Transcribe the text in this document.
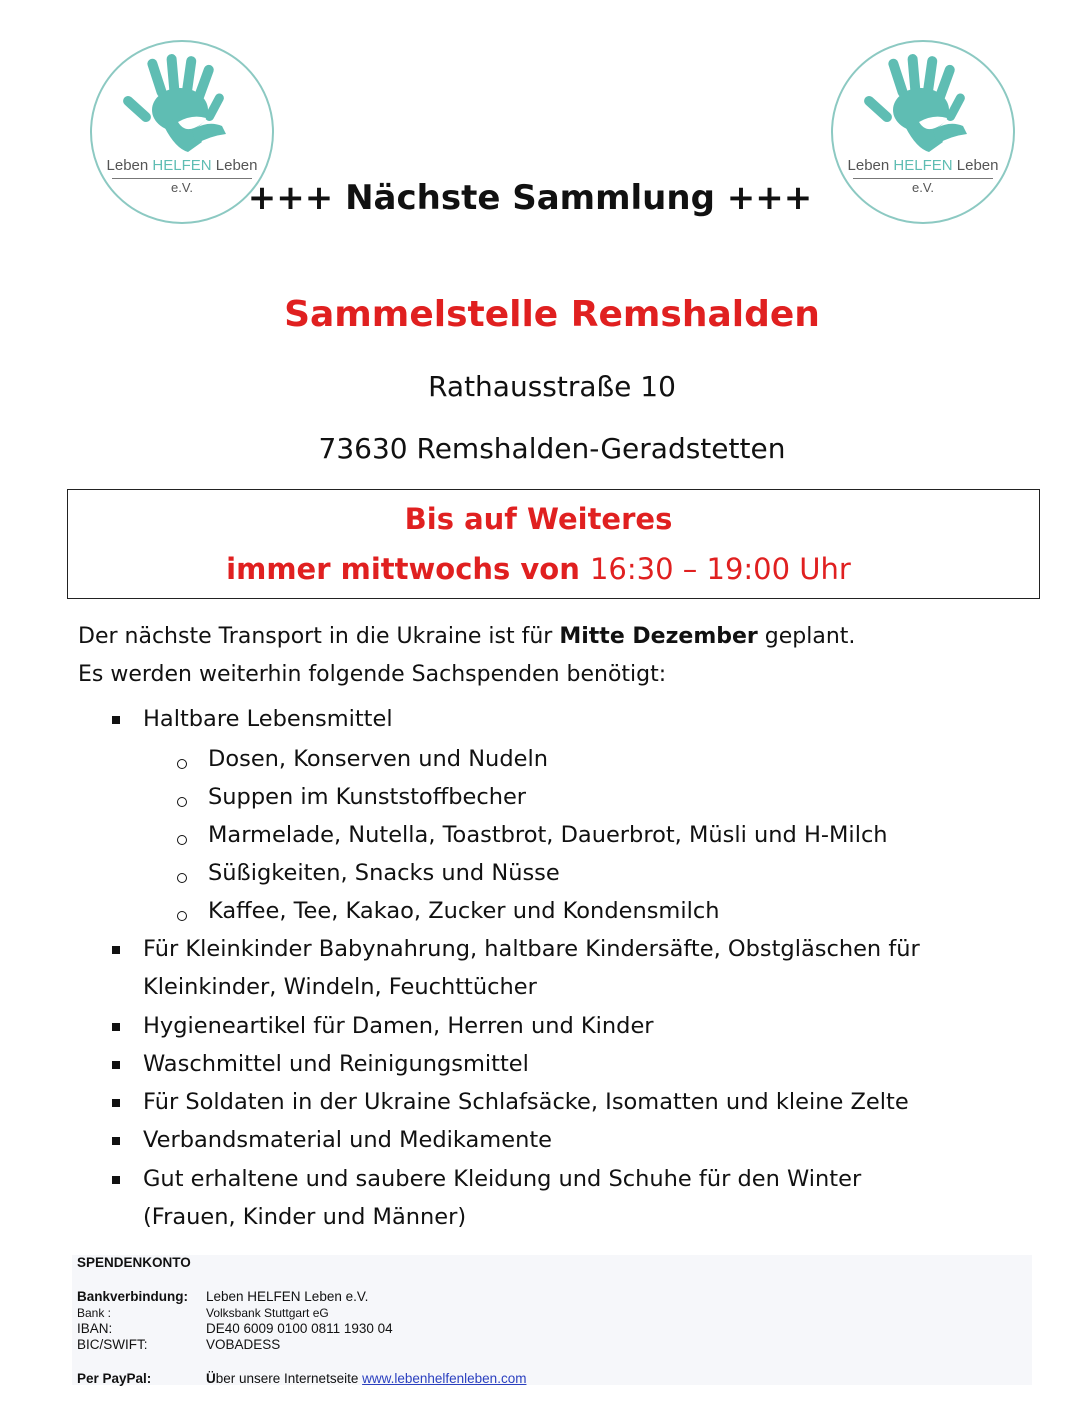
Leben HELFEN Leben
e.V.
Leben HELFEN Leben
e.V.
+++ Nächste Sammlung +++
Sammelstelle Remshalden
Rathausstraße 10
73630 Remshalden-Geradstetten
Bis auf Weiteres
immer mittwochs von 16:30 – 19:00 Uhr
Der nächste Transport in die Ukraine ist für Mitte Dezember geplant.
Es werden weiterhin folgende Sachspenden benötigt:
Haltbare Lebensmittel
Dosen, Konserven und Nudeln
Suppen im Kunststoffbecher
Marmelade, Nutella, Toastbrot, Dauerbrot, Müsli und H-Milch
Süßigkeiten, Snacks und Nüsse
Kaffee, Tee, Kakao, Zucker und Kondensmilch
Für Kleinkinder Babynahrung, haltbare Kindersäfte, Obstgläschen für
Kleinkinder, Windeln, Feuchttücher
Hygieneartikel für Damen, Herren und Kinder
Waschmittel und Reinigungsmittel
Für Soldaten in der Ukraine Schlafsäcke, Isomatten und kleine Zelte
Verbandsmaterial und Medikamente
Gut erhaltene und saubere Kleidung und Schuhe für den Winter
(Frauen, Kinder und Männer)
SPENDENKONTO
Bankverbindung: Leben HELFEN Leben e.V.
Bank :	Volksbank Stuttgart eG
IBAN:	DE40 6009 0100 0811 1930 04
BIC/SWIFT:	VOBADESS
Per PayPal:	Über unsere Internetseite www.lebenhelfenleben.com
